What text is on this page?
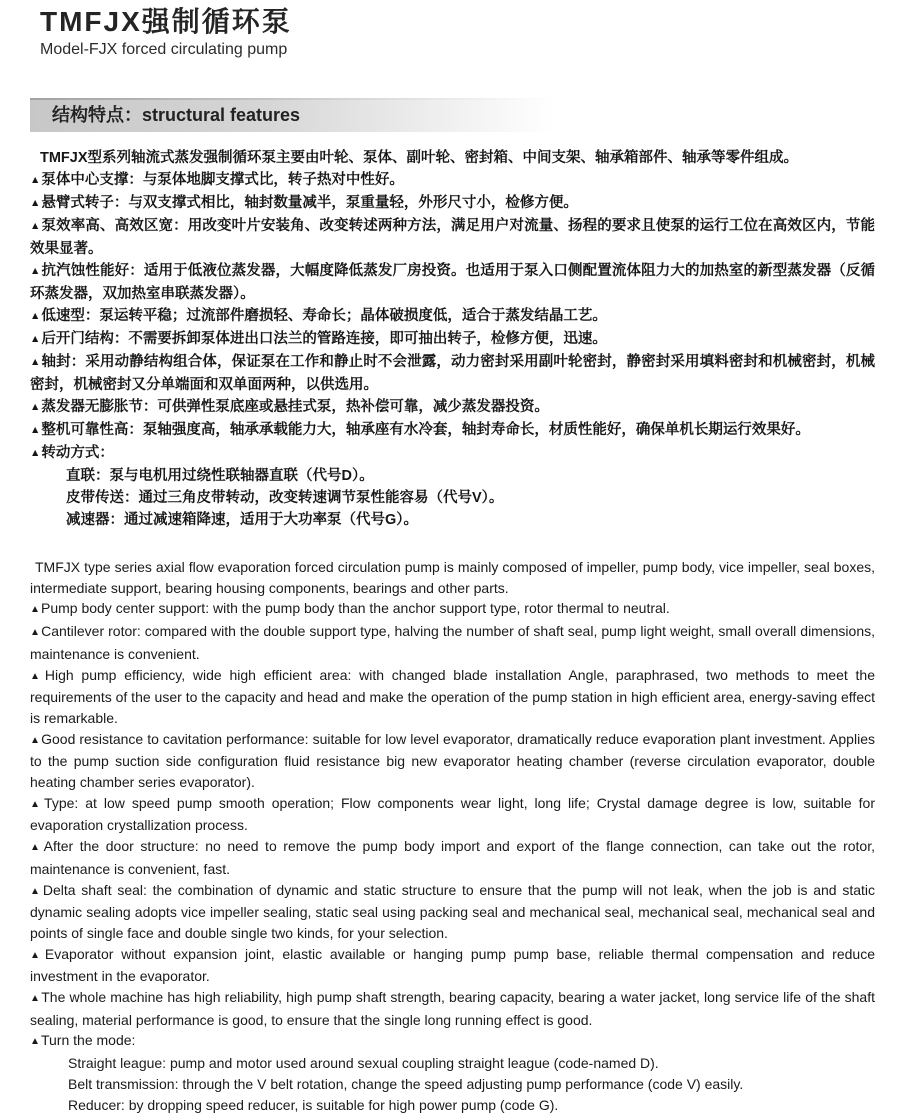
TMFJX强制循环泵
Model-FJX forced circulating pump
结构特点：structural features

TMFJX型系列轴流式蒸发强制循环泵主要由叶轮、泵体、副叶轮、密封箱、中间支架、轴承箱部件、轴承等零件组成。

▲泵体中心支撑：与泵体地脚支撑式比，转子热对中性好。

▲悬臂式转子：与双支撑式相比，轴封数量减半，泵重量轻，外形尺寸小，检修方便。

▲泵效率高、高效区宽：用改变叶片安装角、改变转述两种方法，满足用户对流量、扬程的要求且使泵的运行工位在高效区内，节能效果显著。

▲抗汽蚀性能好：适用于低液位蒸发器，大幅度降低蒸发厂房投资。也适用于泵入口侧配置流体阻力大的加热室的新型蒸发器（反循环蒸发器，双加热室串联蒸发器）。

▲低速型：泵运转平稳；过流部件磨损轻、寿命长；晶体破损度低，适合于蒸发结晶工艺。

▲后开门结构：不需要拆卸泵体进出口法兰的管路连接，即可抽出转子，检修方便，迅速。

▲轴封：采用动静结构组合体，保证泵在工作和静止时不会泄露，动力密封采用副叶轮密封，静密封采用填料密封和机械密封，机械密封，机械密封又分单端面和双单面两种，以供选用。

▲蒸发器无膨胀节：可供弹性泵底座或悬挂式泵，热补偿可靠，减少蒸发器投资。

▲整机可靠性高：泵轴强度高，轴承承载能力大，轴承座有水冷套，轴封寿命长，材质性能好，确保单机长期运行效果好。

▲转动方式：

直联：泵与电机用过绕性联轴器直联（代号D）。

皮带传送：通过三角皮带转动，改变转速调节泵性能容易（代号V）。

减速器：通过减速箱降速，适用于大功率泵（代号G）。

TMFJX type series axial flow evaporation forced circulation pump is mainly composed of impeller, pump body, vice impeller, seal boxes, intermediate support, bearing housing components, bearings and other parts.

▲Pump body center support: with the pump body than the anchor support type, rotor thermal to neutral.

▲Cantilever rotor: compared with the double support type, halving the number of shaft seal, pump light weight, small overall dimensions, maintenance is convenient.

▲High pump efficiency, wide high efficient area: with changed blade installation Angle, paraphrased, two methods to meet the requirements of the user to the capacity and head and make the operation of the pump station in high efficient area, energy-saving effect is remarkable.

▲Good resistance to cavitation performance: suitable for low level evaporator, dramatically reduce evaporation plant investment. Applies to the pump suction side configuration fluid resistance big new evaporator heating chamber (reverse circulation evaporator, double heating chamber series evaporator).

▲Type: at low speed pump smooth operation; Flow components wear light, long life; Crystal damage degree is low, suitable for evaporation crystallization process.

▲After the door structure: no need to remove the pump body import and export of the flange connection, can take out the rotor, maintenance is convenient, fast.

▲Delta shaft seal: the combination of dynamic and static structure to ensure that the pump will not leak, when the job is and static dynamic sealing adopts vice impeller sealing, static seal using packing seal and mechanical seal, mechanical seal, mechanical seal and points of single face and double single two kinds, for your selection.

▲Evaporator without expansion joint, elastic available or hanging pump pump base, reliable thermal compensation and reduce investment in the evaporator.

▲The whole machine has high reliability, high pump shaft strength, bearing capacity, bearing a water jacket, long service life of the shaft sealing, material performance is good, to ensure that the single long running effect is good.

▲Turn the mode:

Straight league: pump and motor used around sexual coupling straight league (code-named D).

Belt transmission: through the V belt rotation, change the speed adjusting pump performance (code V) easily.

Reducer: by dropping speed reducer, is suitable for high power pump (code G).
